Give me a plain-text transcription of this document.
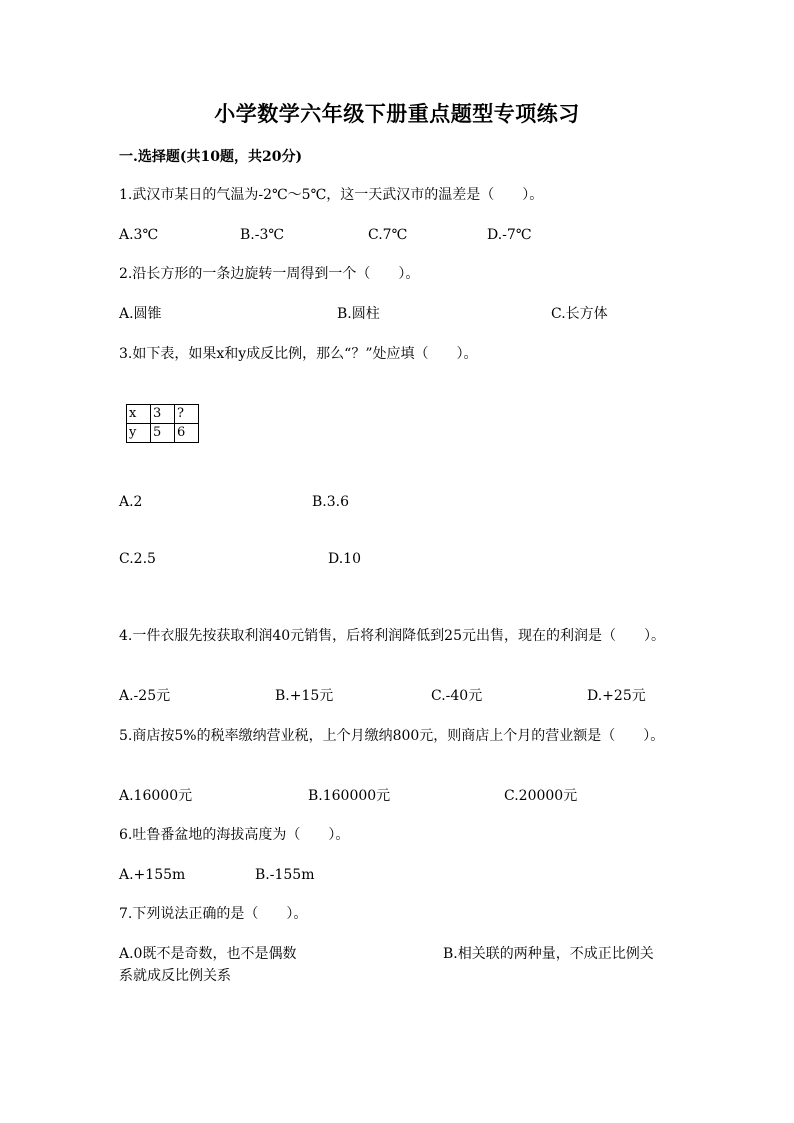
小学数学六年级下册重点题型专项练习
一.选择题(共10题，共20分)
1.武汉市某日的气温为-2℃～5℃，这一天武汉市的温差是（　　）。
A.3℃	B.-3℃	C.7℃	D.-7℃
2.沿长方形的一条边旋转一周得到一个（　　）。
A.圆锥	B.圆柱	C.长方体
3.如下表，如果x和y成反比例，那么“？”处应填（　　）。
x	3	?
y	5	6
A.2	B.3.6
C.2.5	D.10
4.一件衣服先按获取利润40元销售，后将利润降低到25元出售，现在的利润是（　　）。
A.-25元	B.+15元	C.-40元	D.+25元
5.商店按5%的税率缴纳营业税，上个月缴纳800元，则商店上个月的营业额是（　　）。
A.16000元	B.160000元	C.20000元
6.吐鲁番盆地的海拔高度为（　　）。
A.+155m	B.-155m
7.下列说法正确的是（　　）。
A.0既不是奇数，也不是偶数	B.相关联的两种量，不成正比例关系就成反比例关系
